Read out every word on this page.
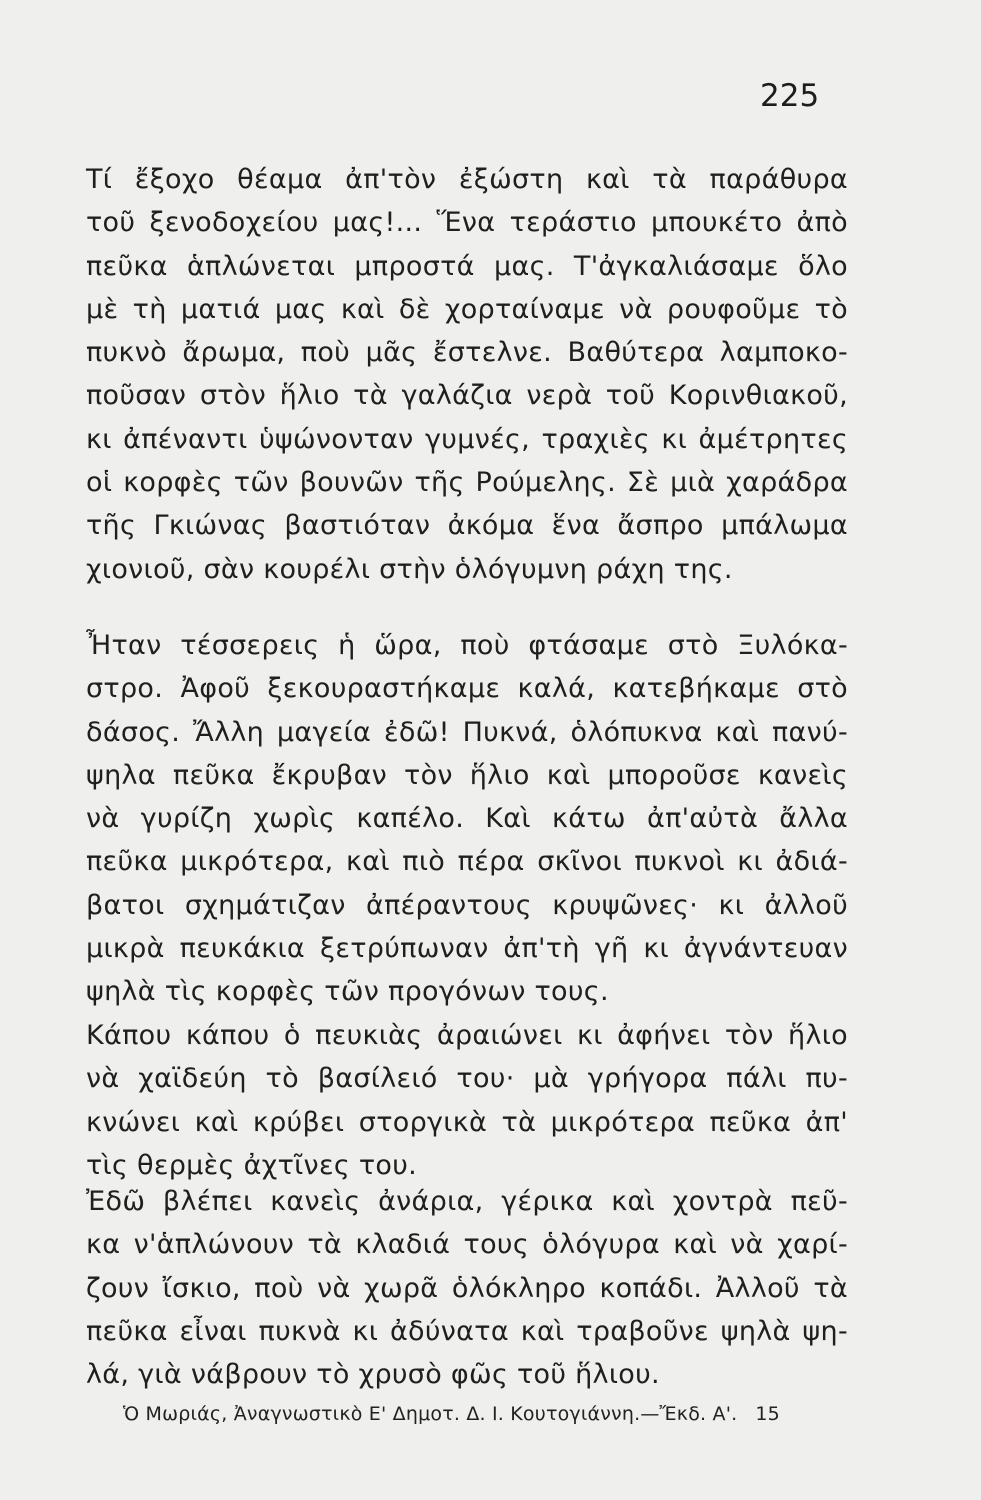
225
Τί ἔξοχο θέαμα ἀπ'τὸν ἐξώστη καὶ τὰ παράθυρα
τοῦ ξενοδοχείου μας!... Ἕνα τεράστιο μπουκέτο ἀπὸ
πεῦκα ἁπλώνεται μπροστά μας. Τ'ἀγκαλιάσαμε ὅλο
μὲ τὴ ματιά μας καὶ δὲ χορταίναμε νὰ ρουφοῦμε τὸ
πυκνὸ ἄρωμα, ποὺ μᾶς ἔστελνε. Βαθύτερα λαμποκο-
ποῦσαν στὸν ἥλιο τὰ γαλάζια νερὰ τοῦ Κορινθιακοῦ,
κι ἀπέναντι ὑψώνονταν γυμνές, τραχιὲς κι ἀμέτρητες
οἱ κορφὲς τῶν βουνῶν τῆς Ρούμελης. Σὲ μιὰ χαράδρα
τῆς Γκιώνας βαστιόταν ἀκόμα ἕνα ἄσπρο μπάλωμα
χιονιοῦ, σὰν κουρέλι στὴν ὁλόγυμνη ράχη της.
Ἦταν τέσσερεις ἡ ὥρα, ποὺ φτάσαμε στὸ Ξυλόκα-
στρο. Ἀφοῦ ξεκουραστήκαμε καλά, κατεβήκαμε στὸ
δάσος. Ἄλλη μαγεία ἐδῶ! Πυκνά, ὁλόπυκνα καὶ πανύ-
ψηλα πεῦκα ἔκρυβαν τὸν ἥλιο καὶ μποροῦσε κανεὶς
νὰ γυρίζη χωρὶς καπέλο. Καὶ κάτω ἀπ'αὐτὰ ἄλλα
πεῦκα μικρότερα, καὶ πιὸ πέρα σκῖνοι πυκνοὶ κι ἀδιά-
βατοι σχημάτιζαν ἀπέραντους κρυψῶνες· κι ἀλλοῦ
μικρὰ πευκάκια ξετρύπωναν ἀπ'τὴ γῆ κι ἀγνάντευαν
ψηλὰ τὶς κορφὲς τῶν προγόνων τους.
Κάπου κάπου ὁ πευκιὰς ἀραιώνει κι ἀφήνει τὸν ἥλιο
νὰ χαϊδεύη τὸ βασίλειό του· μὰ γρήγορα πάλι πυ-
κνώνει καὶ κρύβει στοργικὰ τὰ μικρότερα πεῦκα ἀπ'
τὶς θερμὲς ἀχτῖνες του.
Ἐδῶ βλέπει κανεὶς ἀνάρια, γέρικα καὶ χοντρὰ πεῦ-
κα ν'ἁπλώνουν τὰ κλαδιά τους ὁλόγυρα καὶ νὰ χαρί-
ζουν ἴσκιο, ποὺ νὰ χωρᾶ ὁλόκληρο κοπάδι. Ἀλλοῦ τὰ
πεῦκα εἶναι πυκνὰ κι ἀδύνατα καὶ τραβοῦνε ψηλὰ ψη-
λά, γιὰ νάβρουν τὸ χρυσὸ φῶς τοῦ ἥλιου.
Ὁ Μωριάς, Ἀναγνωστικὸ Ε' Δημοτ. Δ. Ι. Κουτογιάννη.—Ἔκδ. Α'. 15
